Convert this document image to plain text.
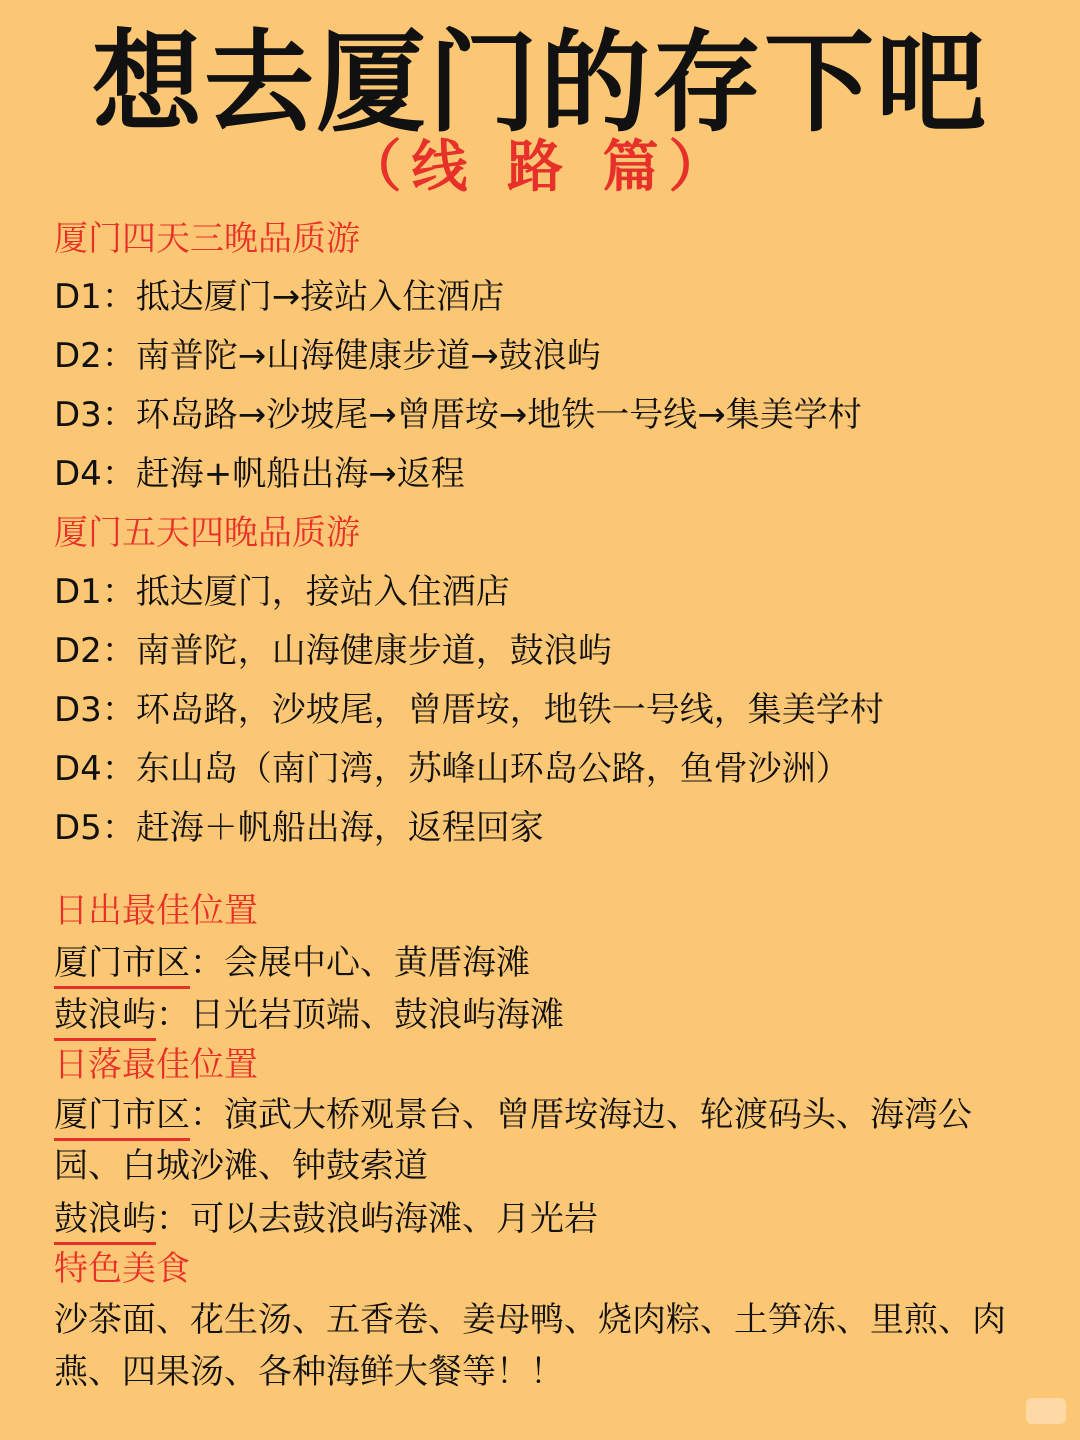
想去厦门的存下吧
（线 路 篇）
厦门四天三晚品质游
D1：抵达厦门→接站入住酒店
D2：南普陀→山海健康步道→鼓浪屿
D3：环岛路→沙坡尾→曾厝垵→地铁一号线→集美学村
D4：赶海+帆船出海→返程
厦门五天四晚品质游
D1：抵达厦门，接站入住酒店
D2：南普陀，山海健康步道，鼓浪屿
D3：环岛路，沙坡尾，曾厝垵，地铁一号线，集美学村
D4：东山岛（南门湾，苏峰山环岛公路，鱼骨沙洲）
D5：赶海＋帆船出海，返程回家
日出最佳位置
厦门市区：会展中心、黄厝海滩
鼓浪屿：日光岩顶端、鼓浪屿海滩
日落最佳位置
厦门市区：演武大桥观景台、曾厝垵海边、轮渡码头、海湾公园、白城沙滩、钟鼓索道
鼓浪屿：可以去鼓浪屿海滩、月光岩
特色美食
沙茶面、花生汤、五香卷、姜母鸭、烧肉粽、土笋冻、里煎、肉燕、四果汤、各种海鲜大餐等！！
